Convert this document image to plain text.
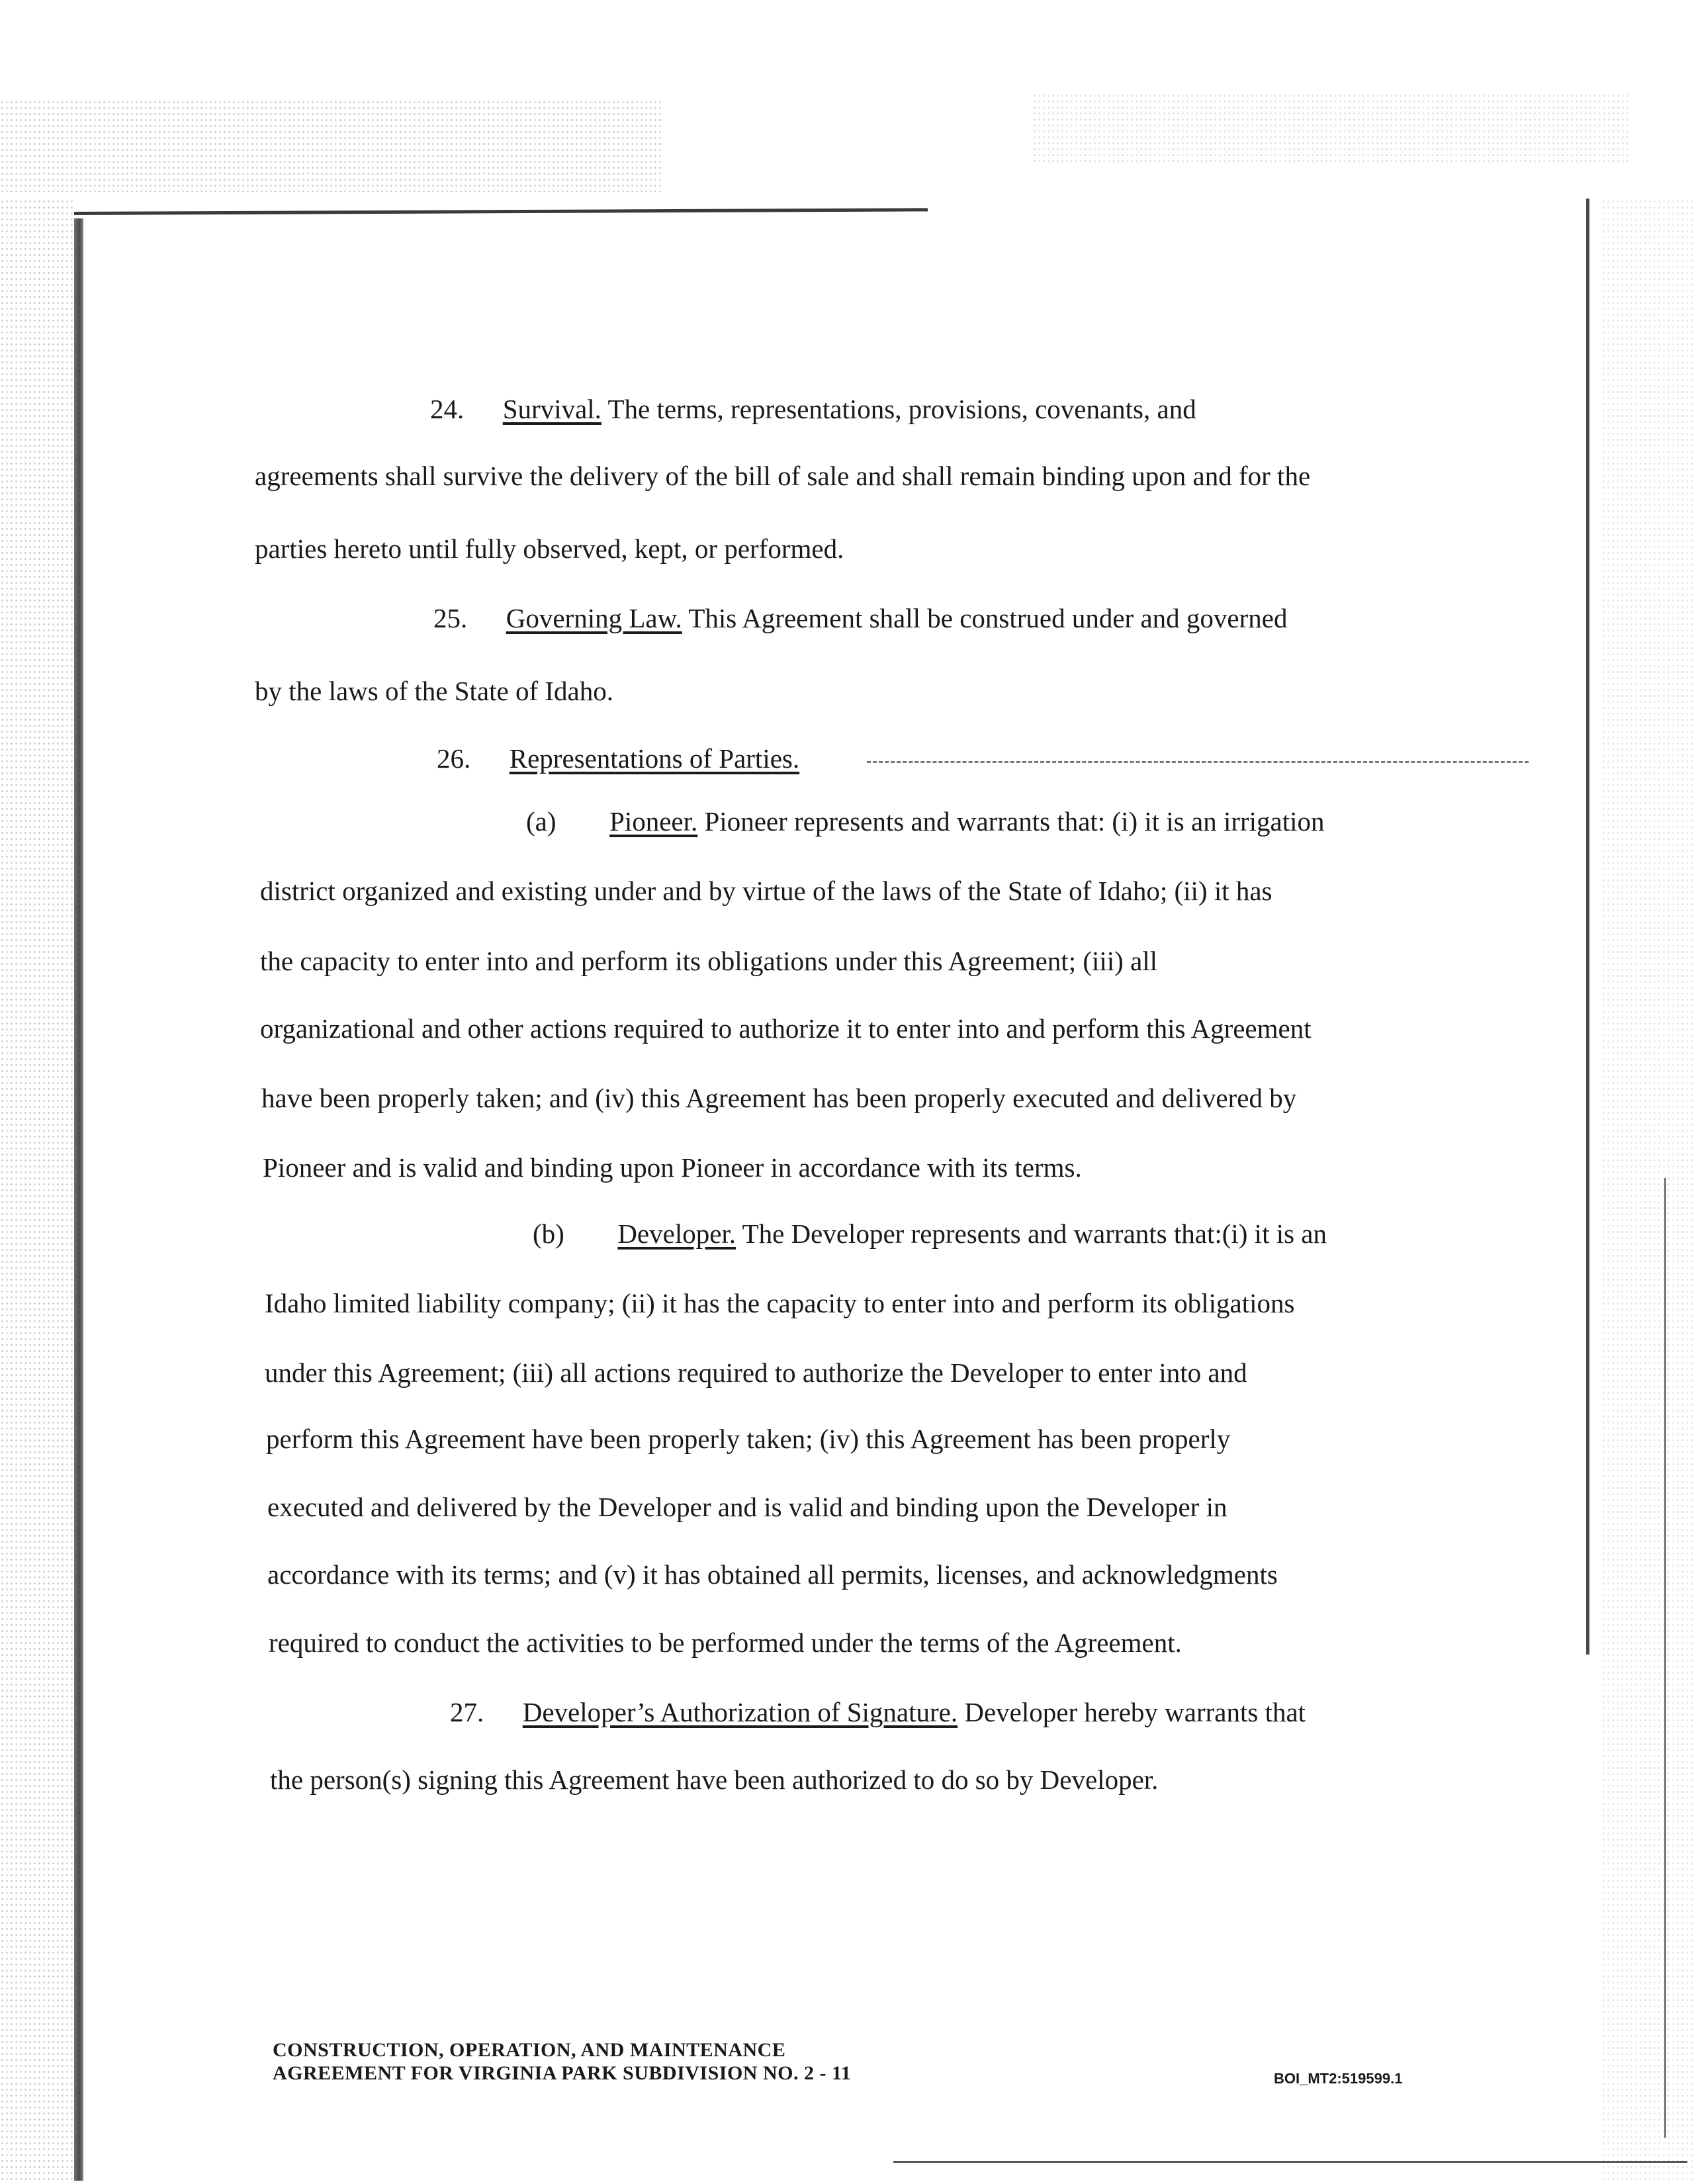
24. Survival. The terms, representations, provisions, covenants, and
agreements shall survive the delivery of the bill of sale and shall remain binding upon and for the
parties hereto until fully observed, kept, or performed.
25. Governing Law. This Agreement shall be construed under and governed
by the laws of the State of Idaho.
26. Representations of Parties.
(a) Pioneer. Pioneer represents and warrants that: (i) it is an irrigation
district organized and existing under and by virtue of the laws of the State of Idaho; (ii) it has
the capacity to enter into and perform its obligations under this Agreement; (iii) all
organizational and other actions required to authorize it to enter into and perform this Agreement
have been properly taken; and (iv) this Agreement has been properly executed and delivered by
Pioneer and is valid and binding upon Pioneer in accordance with its terms.
(b) Developer. The Developer represents and warrants that:(i) it is an
Idaho limited liability company; (ii) it has the capacity to enter into and perform its obligations
under this Agreement; (iii) all actions required to authorize the Developer to enter into and
perform this Agreement have been properly taken; (iv) this Agreement has been properly
executed and delivered by the Developer and is valid and binding upon the Developer in
accordance with its terms; and (v) it has obtained all permits, licenses, and acknowledgments
required to conduct the activities to be performed under the terms of the Agreement.
27. Developer’s Authorization of Signature. Developer hereby warrants that
the person(s) signing this Agreement have been authorized to do so by Developer.
CONSTRUCTION, OPERATION, AND MAINTENANCE
AGREEMENT FOR VIRGINIA PARK SUBDIVISION NO. 2 - 11	BOI_MT2:519599.1
